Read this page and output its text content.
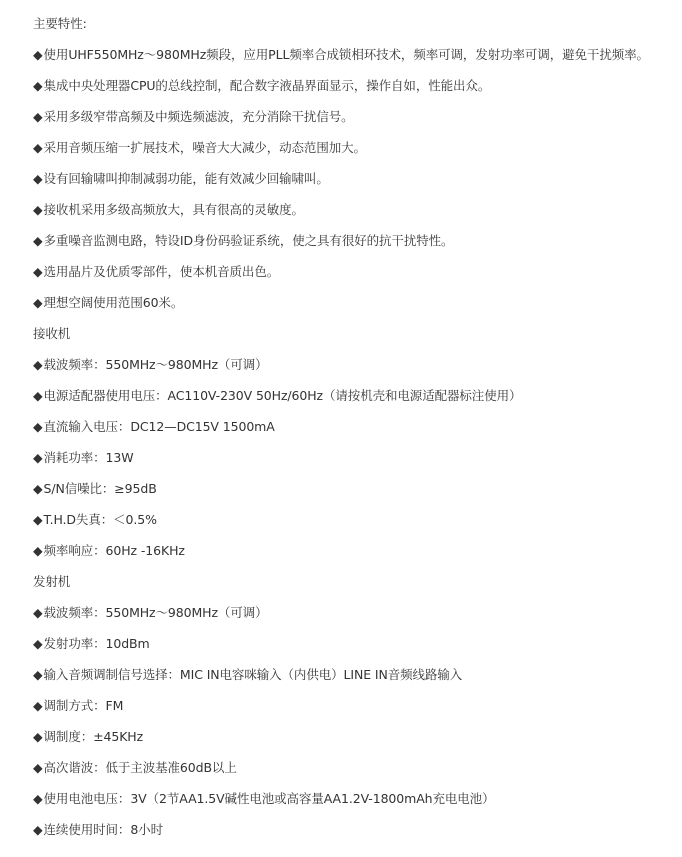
主要特性:
◆使用UHF550MHz～980MHz频段，应用PLL频率合成锁相环技术，频率可调，发射功率可调，避免干扰频率。
◆集成中央处理器CPU的总线控制，配合数字液晶界面显示，操作自如，性能出众。
◆采用多级窄带高频及中频选频滤波，充分消除干扰信号。
◆采用音频压缩一扩展技术，噪音大大减少，动态范围加大。
◆设有回输啸叫抑制减弱功能，能有效减少回输啸叫。
◆接收机采用多级高频放大，具有很高的灵敏度。
◆多重噪音监测电路，特设ID身份码验证系统，使之具有很好的抗干扰特性。
◆选用晶片及优质零部件，使本机音质出色。
◆理想空阔使用范围60米。
接收机
◆载波频率：550MHz～980MHz（可调）
◆电源适配器使用电压：AC110V-230V 50Hz/60Hz（请按机壳和电源适配器标注使用）
◆直流输入电压：DC12—DC15V 1500mA
◆消耗功率：13W
◆S/N信噪比：≥95dB
◆T.H.D失真：＜0.5%
◆频率响应：60Hz -16KHz
发射机
◆载波频率：550MHz～980MHz（可调）
◆发射功率：10dBm
◆输入音频调制信号选择：MIC IN电容咪输入（内供电）LINE IN音频线路输入
◆调制方式：FM
◆调制度：±45KHz
◆高次谐波：低于主波基准60dB以上
◆使用电池电压：3V（2节AA1.5V碱性电池或高容量AA1.2V-1800mAh充电电池）
◆连续使用时间：8小时
